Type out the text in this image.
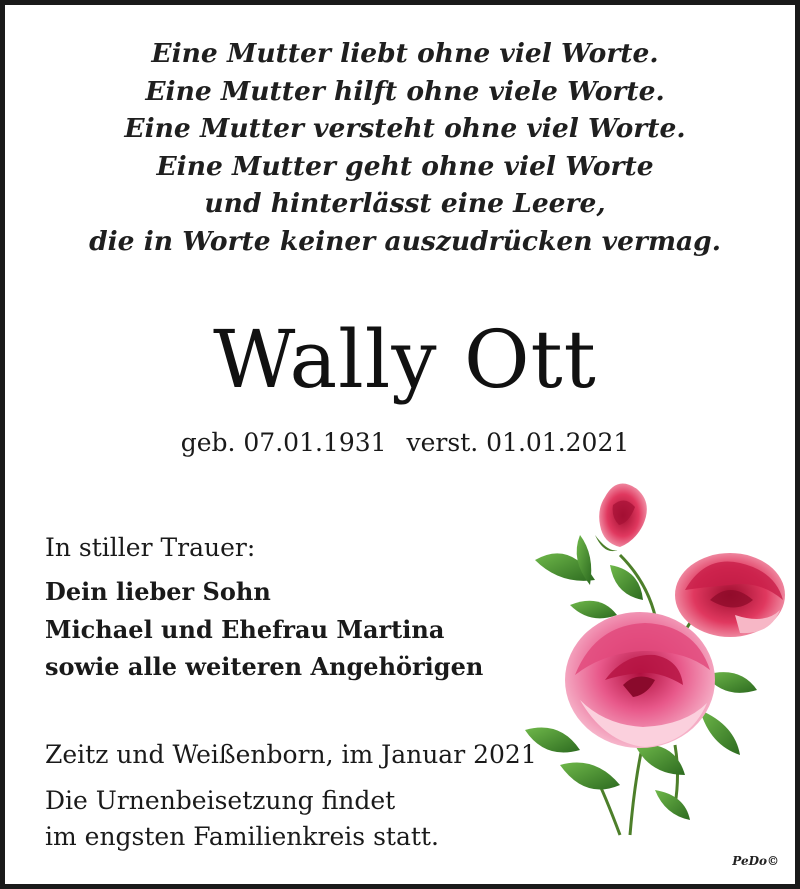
Eine Mutter liebt ohne viel Worte.
Eine Mutter hilft ohne viele Worte.
Eine Mutter versteht ohne viel Worte.
Eine Mutter geht ohne viel Worte
und hinterlässt eine Leere,
die in Worte keiner auszudrücken vermag.
Wally Ott
geb. 07.01.1931 verst. 01.01.2021
In stiller Trauer:
Dein lieber Sohn
Michael und Ehefrau Martina
sowie alle weiteren Angehörigen
Zeitz und Weißenborn, im Januar 2021
Die Urnenbeisetzung findet
im engsten Familienkreis statt.
PeDo©
